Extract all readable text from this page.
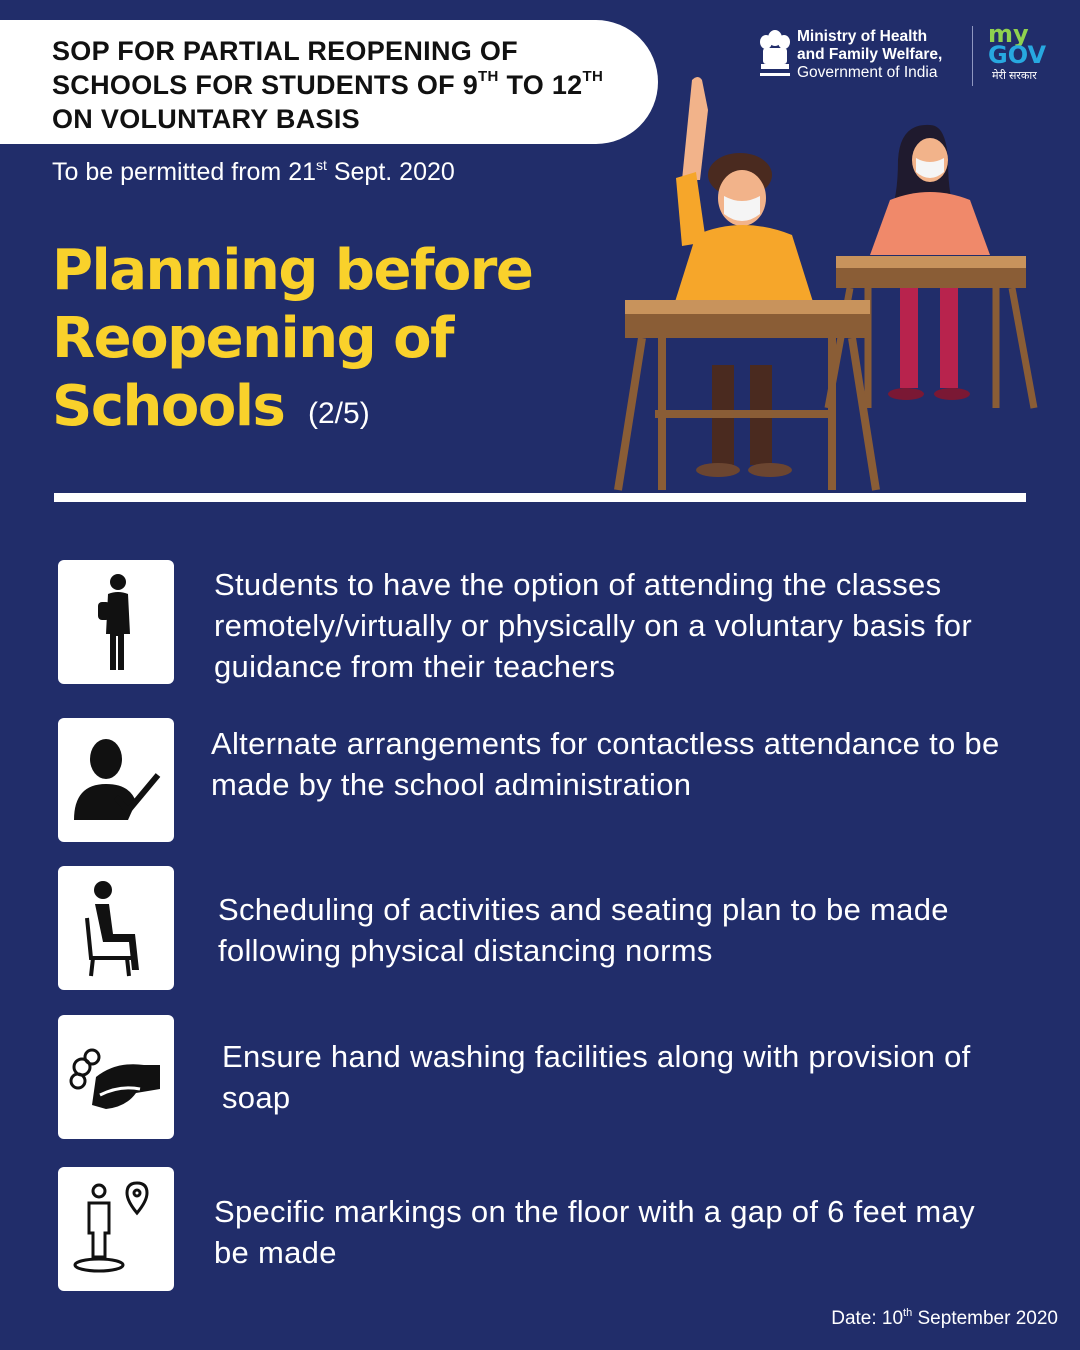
SOP FOR PARTIAL REOPENING OF
SCHOOLS FOR STUDENTS OF 9TH TO 12TH
ON VOLUNTARY BASIS
To be permitted from 21st Sept. 2020
Ministry of Health
and Family Welfare,
Government of India
my
GOV
मेरी सरकार
Planning before
Reopening of
Schools (2/5)
Students to have the option of attending the classes remotely/virtually or physically on a voluntary basis for guidance from their teachers
Alternate arrangements for contactless attendance to be made by the school administration
Scheduling of activities and seating plan to be made following physical distancing norms
Ensure hand washing facilities along with provision of soap
Specific markings on the floor with a gap of 6 feet may be made
Date: 10th September 2020
